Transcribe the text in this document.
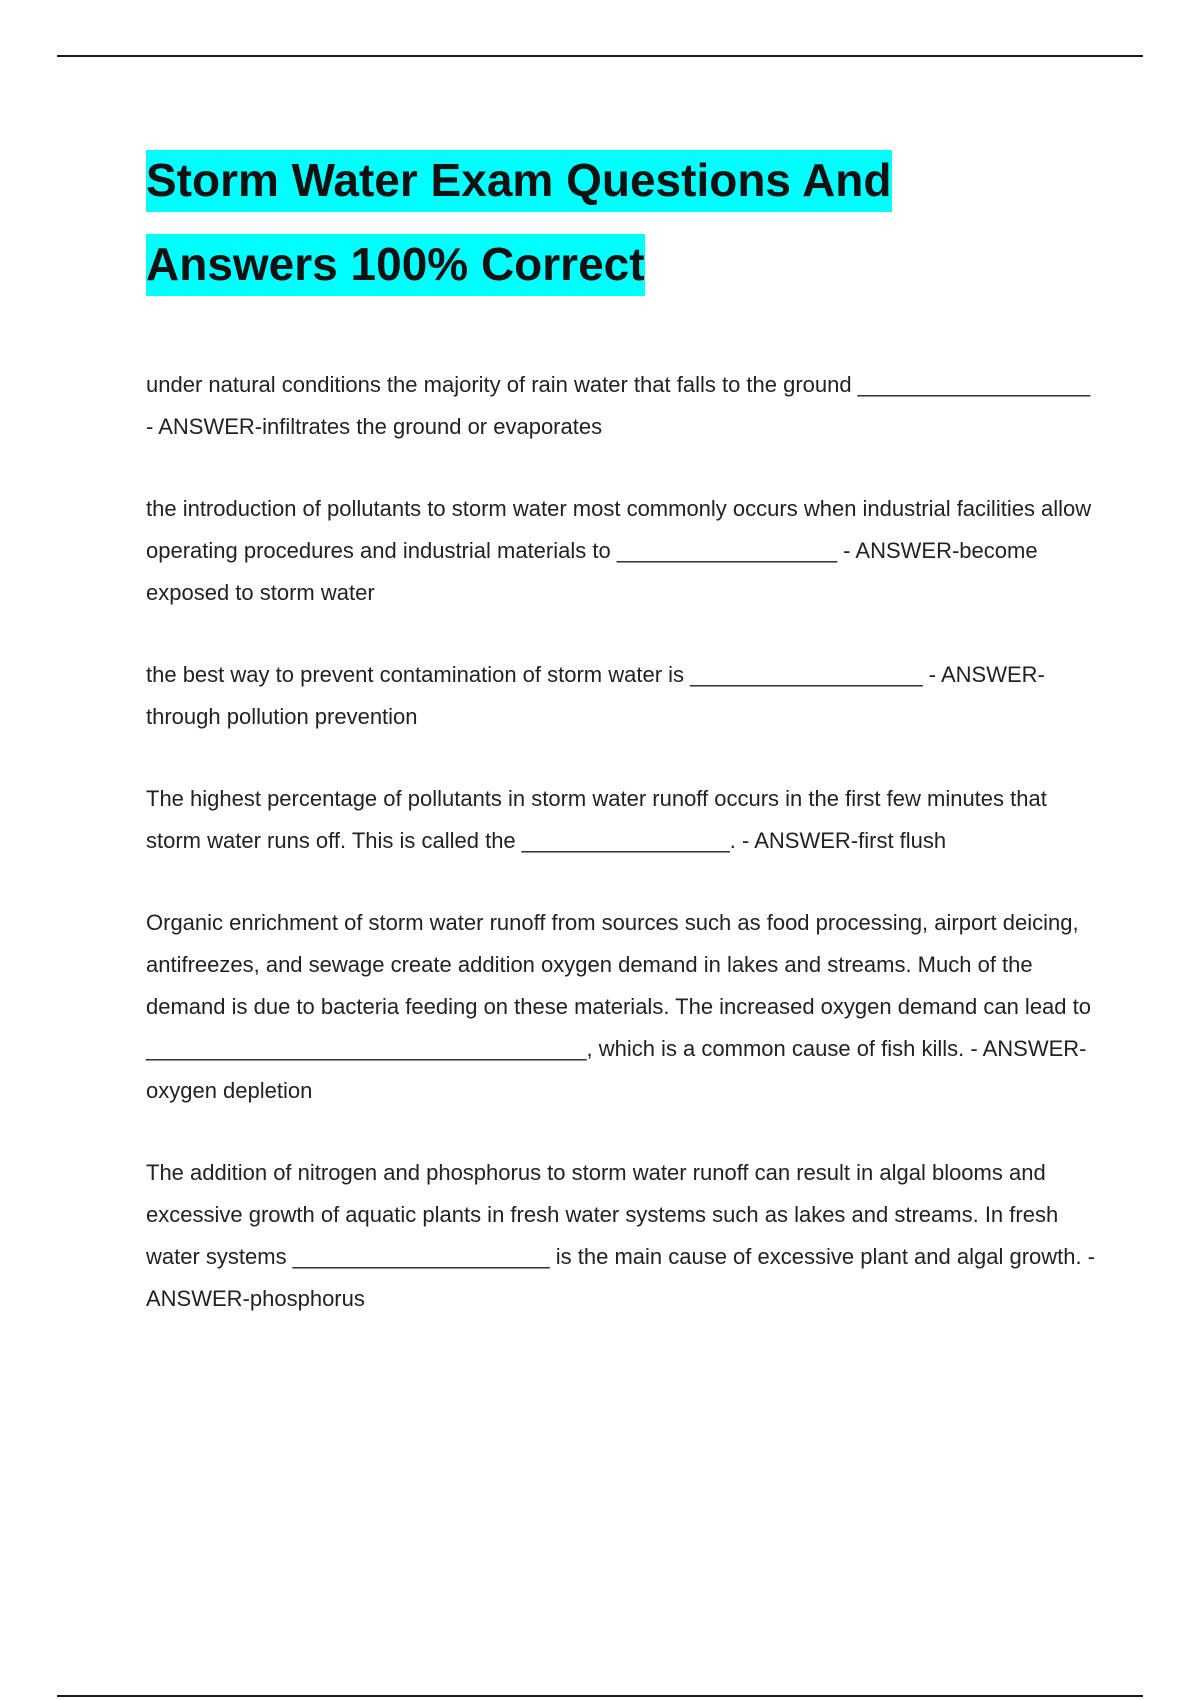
Storm Water Exam Questions And
Answers 100% Correct

under natural conditions the majority of rain water that falls to the ground ___________________ - ANSWER-infiltrates the ground or evaporates

the introduction of pollutants to storm water most commonly occurs when industrial facilities allow operating procedures and industrial materials to __________________ - ANSWER-become exposed to storm water

the best way to prevent contamination of storm water is ___________________ - ANSWER-through pollution prevention

The highest percentage of pollutants in storm water runoff occurs in the first few minutes that storm water runs off. This is called the _________________. - ANSWER-first flush

Organic enrichment of storm water runoff from sources such as food processing, airport deicing, antifreezes, and sewage create addition oxygen demand in lakes and streams. Much of the demand is due to bacteria feeding on these materials. The increased oxygen demand can lead to ____________________________________, which is a common cause of fish kills. - ANSWER-oxygen depletion

The addition of nitrogen and phosphorus to storm water runoff can result in algal blooms and excessive growth of aquatic plants in fresh water systems such as lakes and streams. In fresh water systems _____________________ is the main cause of excessive plant and algal growth. - ANSWER-phosphorus
